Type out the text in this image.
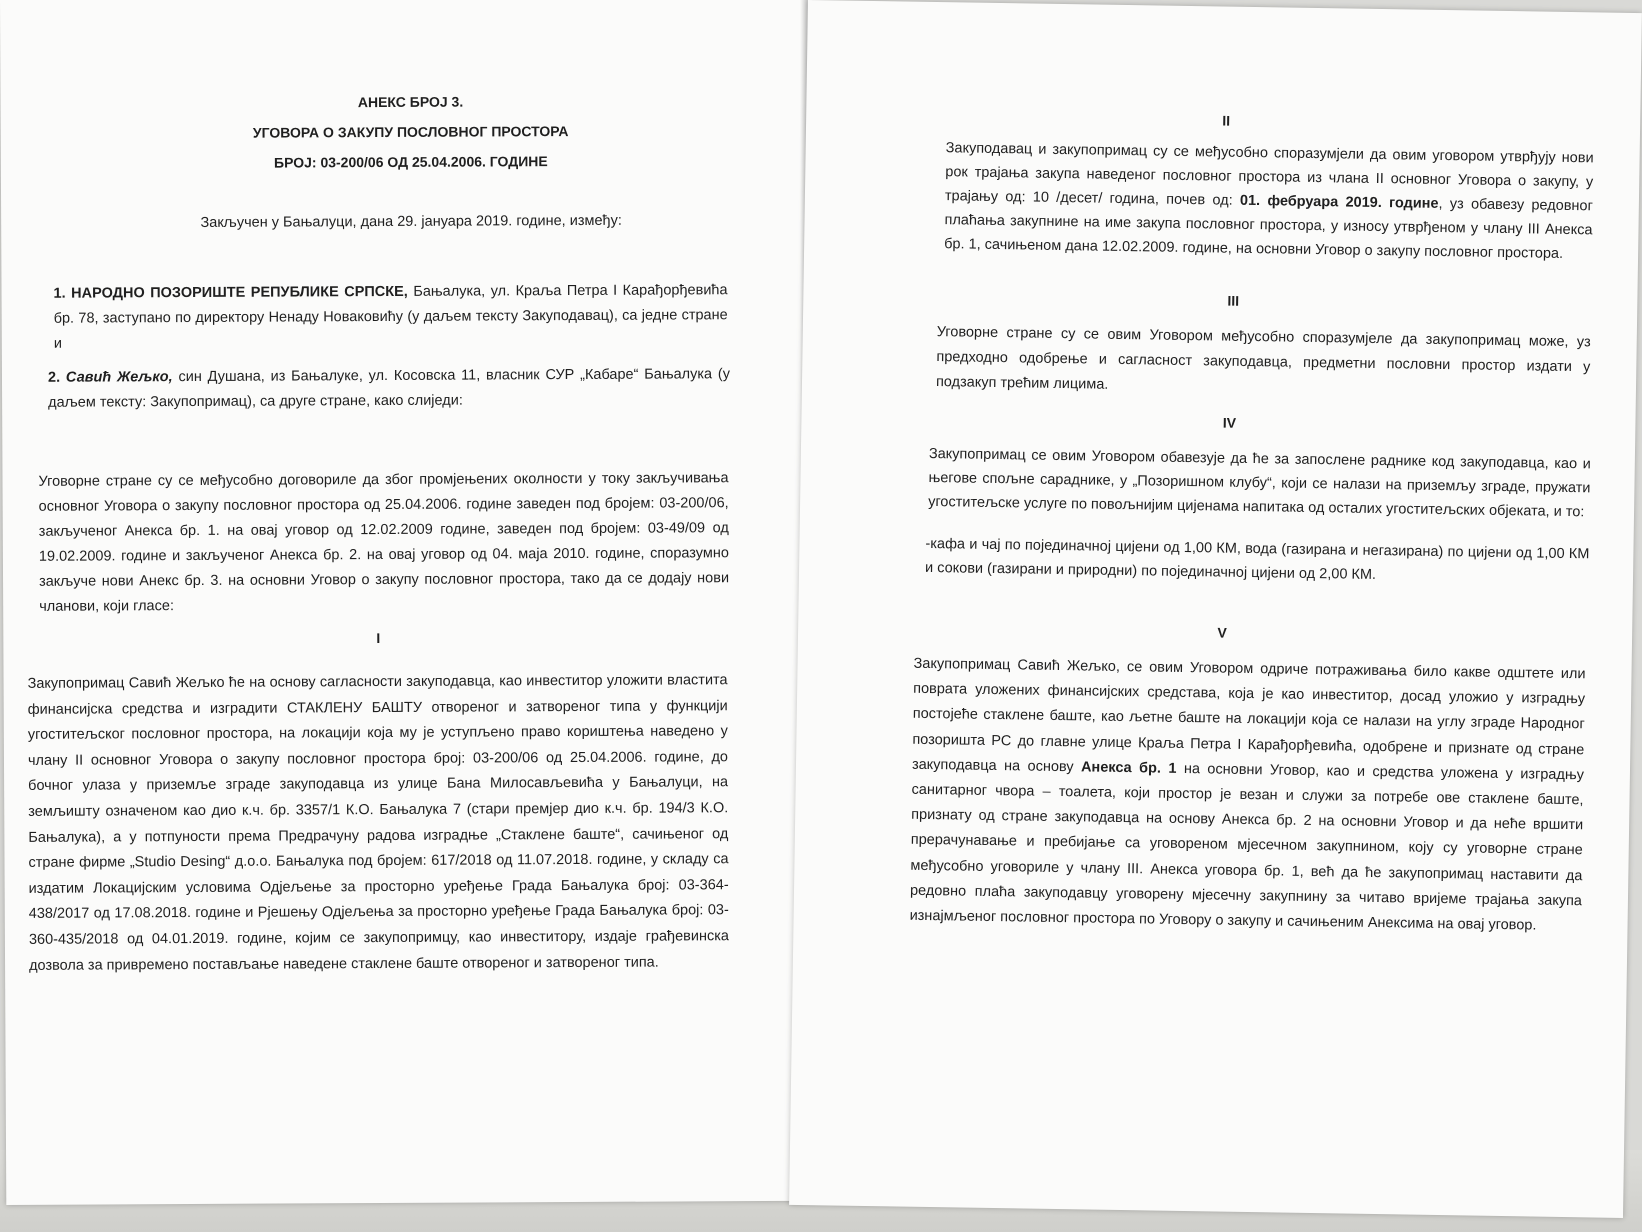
АНЕКС БРОЈ 3.
УГОВОРА О ЗАКУПУ ПОСЛОВНОГ ПРОСТОРА
БРОЈ: 03-200/06 ОД 25.04.2006. ГОДИНЕ
Закључен у Бањалуци, дана 29. јануара 2019. године, између:
1. НАРОДНО ПОЗОРИШТЕ РЕПУБЛИКЕ СРПСКЕ, Бањалука, ул. Краља Петра I Карађорђевића бр. 78, заступано по директору Ненаду Новаковићу (у даљем тексту Закуподавац), са једне стране и
2. Савић Жељко, син Душана, из Бањалуке, ул. Косовска 11, власник СУР „Кабаре“ Бањалука (у даљем тексту: Закупопримац), са друге стране, како слиједи:
Уговорне стране су се међусобно договориле да због промјењених околности у току закључивања основног Уговора о закупу пословног простора од 25.04.2006. године заведен под бројем: 03-200/06, закљученог Анекса бр. 1. на овај уговор од 12.02.2009 године, заведен под бројем: 03-49/09 од 19.02.2009. године и закљученог Анекса бр. 2. на овај уговор од 04. маја 2010. године, споразумно закључе нови Анекс бр. 3. на основни Уговор о закупу пословног простора, тако да се додају нови чланови, који гласе:
I
Закупопримац Савић Жељко ће на основу сагласности закуподавца, као инвеститор уложити властита финансијска средства и изградити СТАКЛЕНУ БАШТУ отвореног и затвореног типа у функцији угоститељског пословног простора, на локацији која му је уступљено право кориштења наведено у члану II основног Уговора о закупу пословног простора број: 03-200/06 од 25.04.2006. године, до бочног улаза у приземље зграде закуподавца из улице Бана Милосављевића у Бањалуци, на земљишту означеном као дио к.ч. бр. 3357/1 К.О. Бањалука 7 (стари премјер дио к.ч. бр. 194/3 К.О. Бањалука), а у потпуности према Предрачуну радова изградње „Стаклене баште“, сачињеног од стране фирме „Studio Desing“ д.о.о. Бањалука под бројем: 617/2018 од 11.07.2018. године, у складу са издатим Локацијским условима Одјељење за просторно уређење Града Бањалука број: 03-364-438/2017 од 17.08.2018. године и Рјешењу Одјељења за просторно уређење Града Бањалука број: 03-360-435/2018 од 04.01.2019. године, којим се закупопримцу, као инвеститору, издаје грађевинска дозвола за привремено постављање наведене стаклене баште отвореног и затвореног типа.
II
Закуподавац и закупопримац су се међусобно споразумјели да овим уговором утврђују нови рок трајања закупа наведеног пословног простора из члана II основног Уговора о закупу, у трајању од: 10 /десет/ година, почев од: 01. фебруара 2019. године, уз обавезу редовног плаћања закупнине на име закупа пословног простора, у износу утврђеном у члану III Анекса бр. 1, сачињеном дана 12.02.2009. године, на основни Уговор о закупу пословног простора.
III
Уговорне стране су се овим Уговором међусобно споразумјеле да закупопримац може, уз предходно одобрење и сагласност закуподавца, предметни пословни простор издати у подзакуп трећим лицима.
IV
Закупопримац се овим Уговором обавезује да ће за запослене раднике код закуподавца, као и његове спољне сараднике, у „Позоришном клубу“, који се налази на приземљу зграде, пружати угоститељске услуге по повољнијим цијенама напитака од осталих угоститељских објеката, и то:
-кафа и чај по појединачној цијени од 1,00 КМ, вода (газирана и негазирана) по цијени од 1,00 КМ и сокови (газирани и природни) по појединачној цијени од 2,00 КМ.
V
Закупопримац Савић Жељко, се овим Уговором одриче потраживања било какве одштете или поврата уложених финансијских средстава, која је као инвеститор, досад уложио у изградњу постојеће стаклене баште, као љетне баште на локацији која се налази на углу зграде Народног позоришта РС до главне улице Краља Петра I Карађорђевића, одобрене и признате од стране закуподавца на основу Анекса бр. 1 на основни Уговор, као и средства уложена у изградњу санитарног чвора – тоалета, који простор је везан и служи за потребе ове стаклене баште, признату од стране закуподавца на основу Анекса бр. 2 на основни Уговор и да неће вршити прерачунавање и пребијање са уговореном мјесечном закупнином, коју су уговорне стране међусобно уговориле у члану III. Анекса уговора бр. 1, већ да ће закупопримац наставити да редовно плаћа закуподавцу уговорену мјесечну закупнину за читаво вријеме трајања закупа изнајмљеног пословног простора по Уговору о закупу и сачињеним Анексима на овај уговор.
